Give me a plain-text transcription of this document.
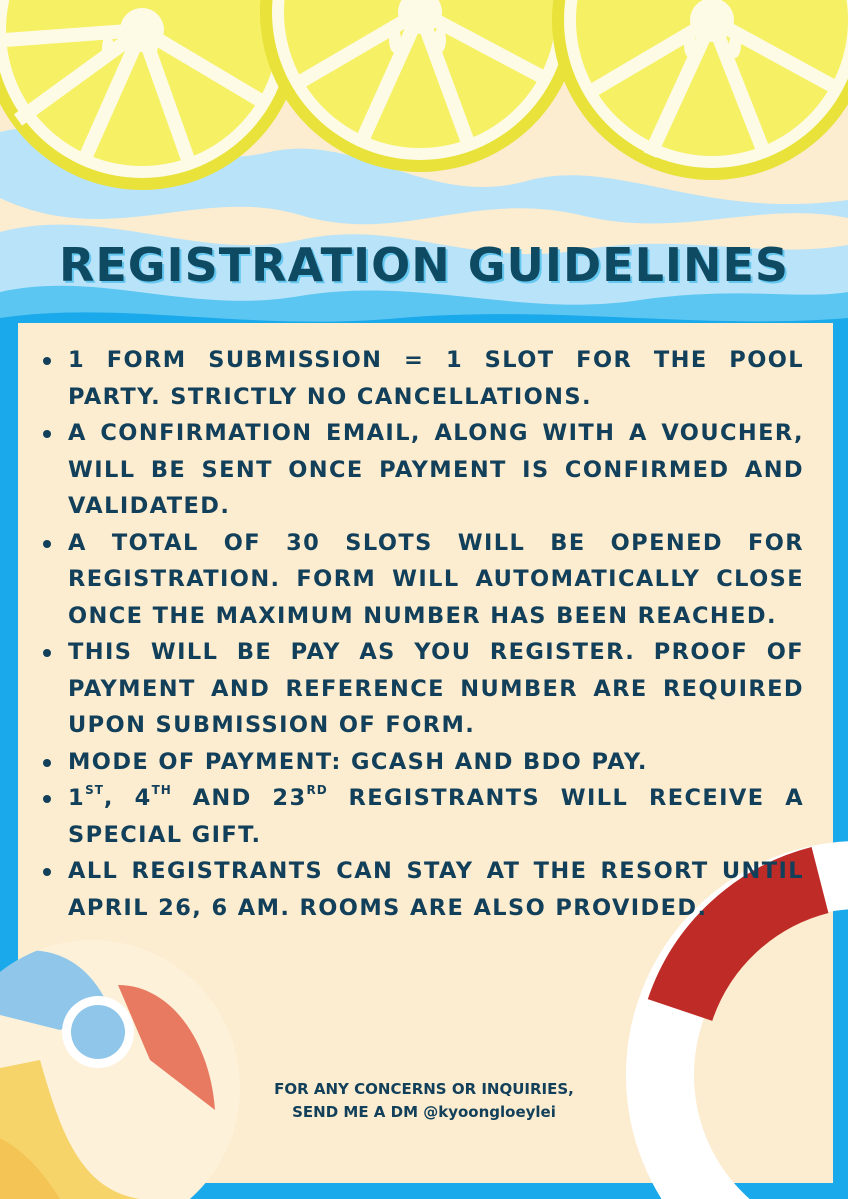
REGISTRATION GUIDELINES
1 FORM SUBMISSION = 1 SLOT FOR THE POOL PARTY. STRICTLY NO CANCELLATIONS.
A CONFIRMATION EMAIL, ALONG WITH A VOUCHER, WILL BE SENT ONCE PAYMENT IS CONFIRMED AND VALIDATED.
A TOTAL OF 30 SLOTS WILL BE OPENED FOR REGISTRATION. FORM WILL AUTOMATICALLY CLOSE ONCE THE MAXIMUM NUMBER HAS BEEN REACHED.
THIS WILL BE PAY AS YOU REGISTER. PROOF OF PAYMENT AND REFERENCE NUMBER ARE REQUIRED UPON SUBMISSION OF FORM.
MODE OF PAYMENT: GCASH AND BDO PAY.
1ST, 4TH AND 23RD REGISTRANTS WILL RECEIVE A SPECIAL GIFT.
ALL REGISTRANTS CAN STAY AT THE RESORT UNTIL APRIL 26, 6 AM. ROOMS ARE ALSO PROVIDED.

FOR ANY CONCERNS OR INQUIRIES,
SEND ME A DM @kyoongloeylei
